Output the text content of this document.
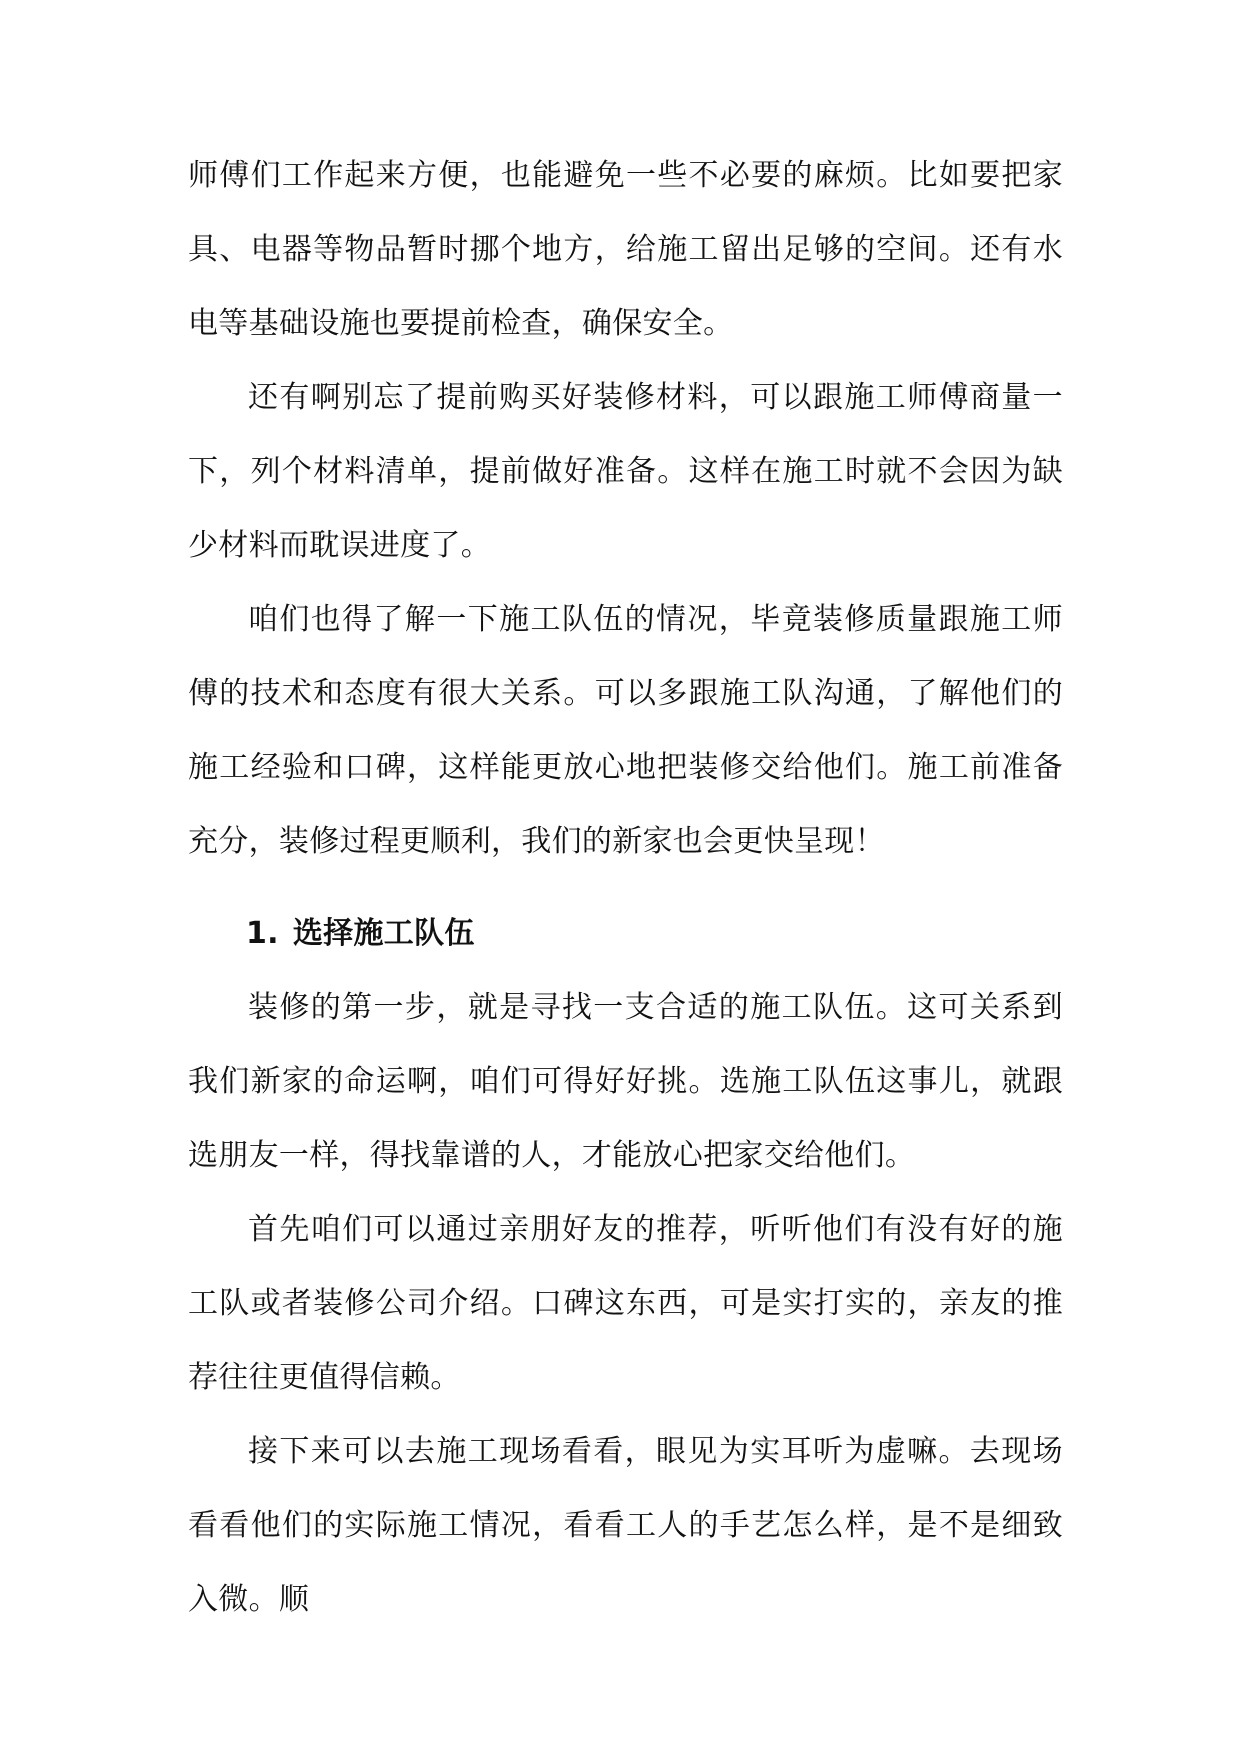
师傅们工作起来方便，也能避免一些不必要的麻烦。比如要把家具、电器等物品暂时挪个地方，给施工留出足够的空间。还有水电等基础设施也要提前检查，确保安全。

还有啊别忘了提前购买好装修材料，可以跟施工师傅商量一下，列个材料清单，提前做好准备。这样在施工时就不会因为缺少材料而耽误进度了。

咱们也得了解一下施工队伍的情况，毕竟装修质量跟施工师傅的技术和态度有很大关系。可以多跟施工队沟通，了解他们的施工经验和口碑，这样能更放心地把装修交给他们。施工前准备充分，装修过程更顺利，我们的新家也会更快呈现！

1. 选择施工队伍

装修的第一步，就是寻找一支合适的施工队伍。这可关系到我们新家的命运啊，咱们可得好好挑。选施工队伍这事儿，就跟选朋友一样，得找靠谱的人，才能放心把家交给他们。

首先咱们可以通过亲朋好友的推荐，听听他们有没有好的施工队或者装修公司介绍。口碑这东西，可是实打实的，亲友的推荐往往更值得信赖。

接下来可以去施工现场看看，眼见为实耳听为虚嘛。去现场看看他们的实际施工情况，看看工人的手艺怎么样，是不是细致入微。顺
